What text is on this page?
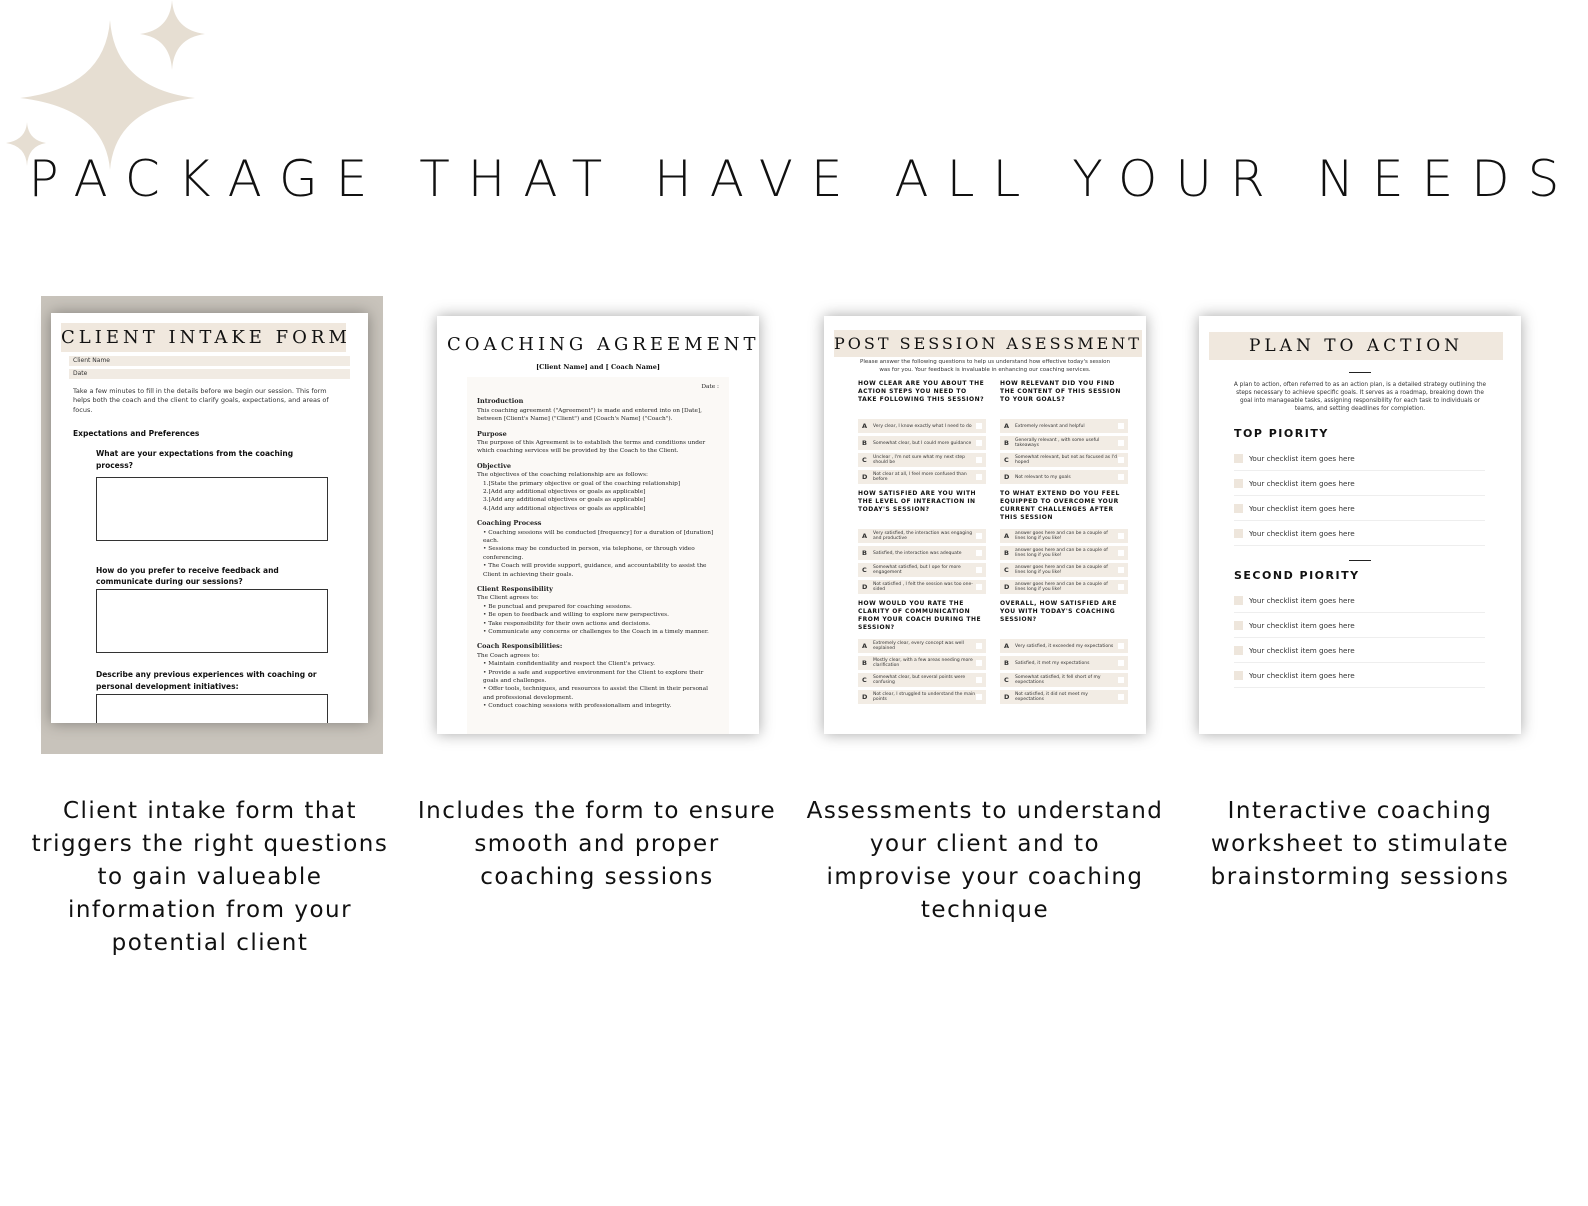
PACKAGE THAT HAVE ALL YOUR NEEDS
CLIENT INTAKE FORM
Client Name
Date
Take a few minutes to fill in the details before we begin our session. This form helps both the coach and the client to clarify goals, expectations, and areas of focus.
Expectations and Preferences
What are your expectations from the coaching process?
How do you prefer to receive feedback and communicate during our sessions?
Describe any previous experiences with coaching or personal development initiatives:
COACHING AGREEMENT
[Client Name] and [ Coach Name]
Date :
Introduction
This coaching agreement ("Agreement") is made and entered into on [Date], between [Client's Name] ("Client") and [Coach's Name] ("Coach").
Purpose
The purpose of this Agreement is to establish the terms and conditions under which coaching services will be provided by the Coach to the Client.
Objective
The objectives of the coaching relationship are as follows:
1.[State the primary objective or goal of the coaching relationship]
2.[Add any additional objectives or goals as applicable]
3.[Add any additional objectives or goals as applicable]
4.[Add any additional objectives or goals as applicable]
Coaching Process
• Coaching sessions will be conducted [frequency] for a duration of [duration] each.
• Sessions may be conducted in person, via telephone, or through video conferencing.
• The Coach will provide support, guidance, and accountability to assist the Client in achieving their goals.
Client Responsibility
The Client agrees to:
• Be punctual and prepared for coaching sessions.
• Be open to feedback and willing to explore new perspectives.
• Take responsibility for their own actions and decisions.
• Communicate any concerns or challenges to the Coach in a timely manner.
Coach Responsibilities:
The Coach agrees to:
• Maintain confidentiality and respect the Client's privacy.
• Provide a safe and supportive environment for the Client to explore their goals and challenges.
• Offer tools, techniques, and resources to assist the Client in their personal and professional development.
• Conduct coaching sessions with professionalism and integrity.
POST SESSION ASESSMENT
Please answer the following questions to help us understand how effective today's session was for you. Your feedback is invaluable in enhancing our coaching services.
HOW CLEAR ARE YOU ABOUT THE ACTION STEPS YOU NEED TO TAKE FOLLOWING THIS SESSION?
A	Very clear, I know exactly what I need to do
B	Somewhat clear, but I could more guidance
C	Unclear , I'm not sure what my next step should be
D	Not clear at all, I feel more confused than before
HOW RELEVANT DID YOU FIND THE CONTENT OF THIS SESSION TO YOUR GOALS?
A	Extremely relevant and helpful
B	Generally relevant , with some useful takeaways
C	Somewhat relevant, but not as focused as I'd hoped
D	Not relevant to my goals
HOW SATISFIED ARE YOU WITH THE LEVEL OF INTERACTION IN TODAY'S SESSION?
A	Very satisfied, the interaction was engaging and productive
B	Satisfied, the interaction was adequate
C	Somewhat satisfied, but I ope for more engagement
D	Not satisfied , I felt the session was too one-sided
TO WHAT EXTEND DO YOU FEEL EQUIPPED TO OVERCOME YOUR CURRENT CHALLENGES AFTER THIS SESSION
A	answer goes here and can be a couple of lines long if you like!
B	answer goes here and can be a couple of lines long if you like!
C	answer goes here and can be a couple of lines long if you like!
D	answer goes here and can be a couple of lines long if you like!
HOW WOULD YOU RATE THE CLARITY OF COMMUNICATION FROM YOUR COACH DURING THE SESSION?
A	Extremely clear, every concept was well explained
B	Mostly clear, with a few areas needing more clarification
C	Somewhat clear, but several points were confusing
D	Not clear, I struggled to understand the main points
OVERALL, HOW SATISFIED ARE YOU WITH TODAY'S COACHING SESSION?
A	Very satisfied, it exceeded my expectations
B	Satisfied, it met my expectations
C	Somewhat satisfied, it fell short of my expectations
D	Not satisfied, it did not meet my expectations
PLAN TO ACTION
A plan to action, often referred to as an action plan, is a detailed strategy outlining the steps necessary to achieve specific goals. It serves as a roadmap, breaking down the goal into manageable tasks, assigning responsibility for each task to individuals or teams, and setting deadlines for completion.
TOP PIORITY
Your checklist item goes here
Your checklist item goes here
Your checklist item goes here
Your checklist item goes here
SECOND PIORITY
Your checklist item goes here
Your checklist item goes here
Your checklist item goes here
Your checklist item goes here
Client intake form that triggers the right questions to gain valueable information from your potential client
Includes the form to ensure smooth and proper coaching sessions
Assessments to understand your client and to improvise your coaching technique
Interactive coaching worksheet to stimulate brainstorming sessions
